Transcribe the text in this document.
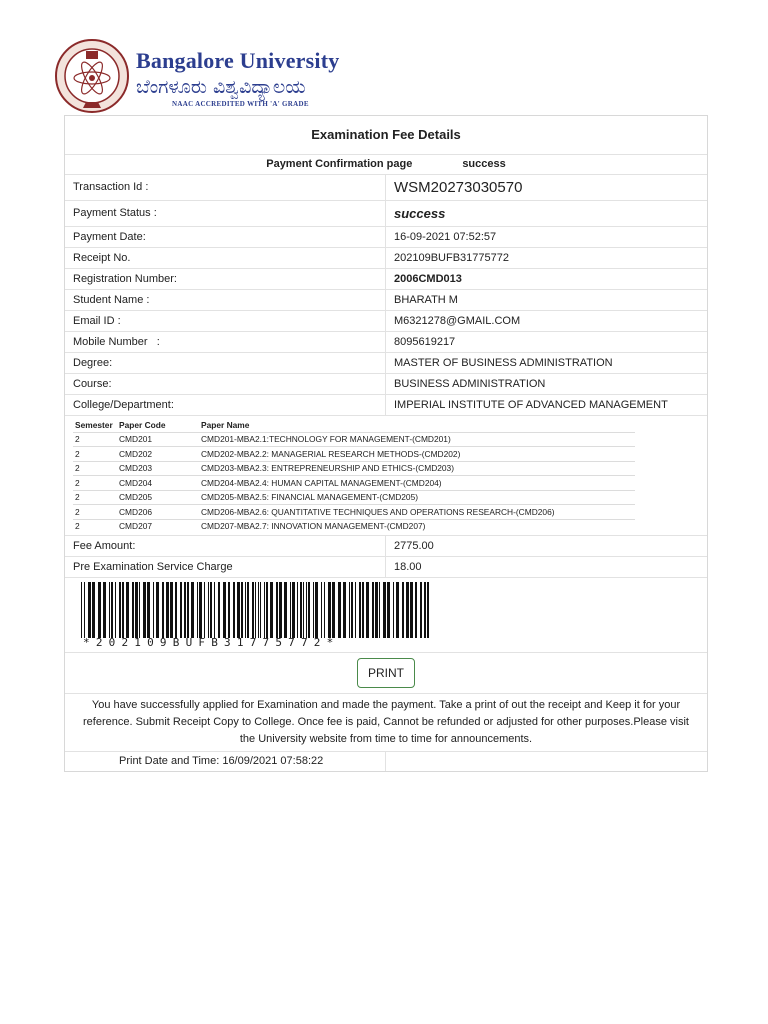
Bangalore University
ಬೆಂಗಳೂರು ವಿಶ್ವವಿದ್ಯಾಲಯ
NAAC ACCREDITED WITH 'A' GRADE
Examination Fee Details
Payment Confirmation page	success
Transaction Id :	WSM20273030570
Payment Status :	success
Payment Date:	16-09-2021 07:52:57
Receipt No.	202109BUFB31775772
Registration Number:	2006CMD013
Student Name :	BHARATH M
Email ID :	M6321278@GMAIL.COM
Mobile Number   :	8095619217
Degree:	MASTER OF BUSINESS ADMINISTRATION
Course:	BUSINESS ADMINISTRATION
College/Department:	IMPERIAL INSTITUTE OF ADVANCED MANAGEMENT
Semester	Paper Code	Paper Name
2	CMD201	CMD201-MBA2.1:TECHNOLOGY FOR MANAGEMENT-(CMD201)
2	CMD202	CMD202-MBA2.2: MANAGERIAL RESEARCH METHODS-(CMD202)
2	CMD203	CMD203-MBA2.3: ENTREPRENEURSHIP AND ETHICS-(CMD203)
2	CMD204	CMD204-MBA2.4: HUMAN CAPITAL MANAGEMENT-(CMD204)
2	CMD205	CMD205-MBA2.5: FINANCIAL MANAGEMENT-(CMD205)
2	CMD206	CMD206-MBA2.6: QUANTITATIVE TECHNIQUES AND OPERATIONS RESEARCH-(CMD206)
2	CMD207	CMD207-MBA2.7: INNOVATION MANAGEMENT-(CMD207)
Fee Amount:	2775.00
Pre Examination Service Charge	18.00
*202109BUFB31775772*
PRINT
You have successfully applied for Examination and made the payment. Take a print of out the receipt and Keep it for your reference. Submit Receipt Copy to College. Once fee is paid, Cannot be refunded or adjusted for other purposes.Please visit the University website from time to time for announcements.
Print Date and Time: 16/09/2021 07:58:22
